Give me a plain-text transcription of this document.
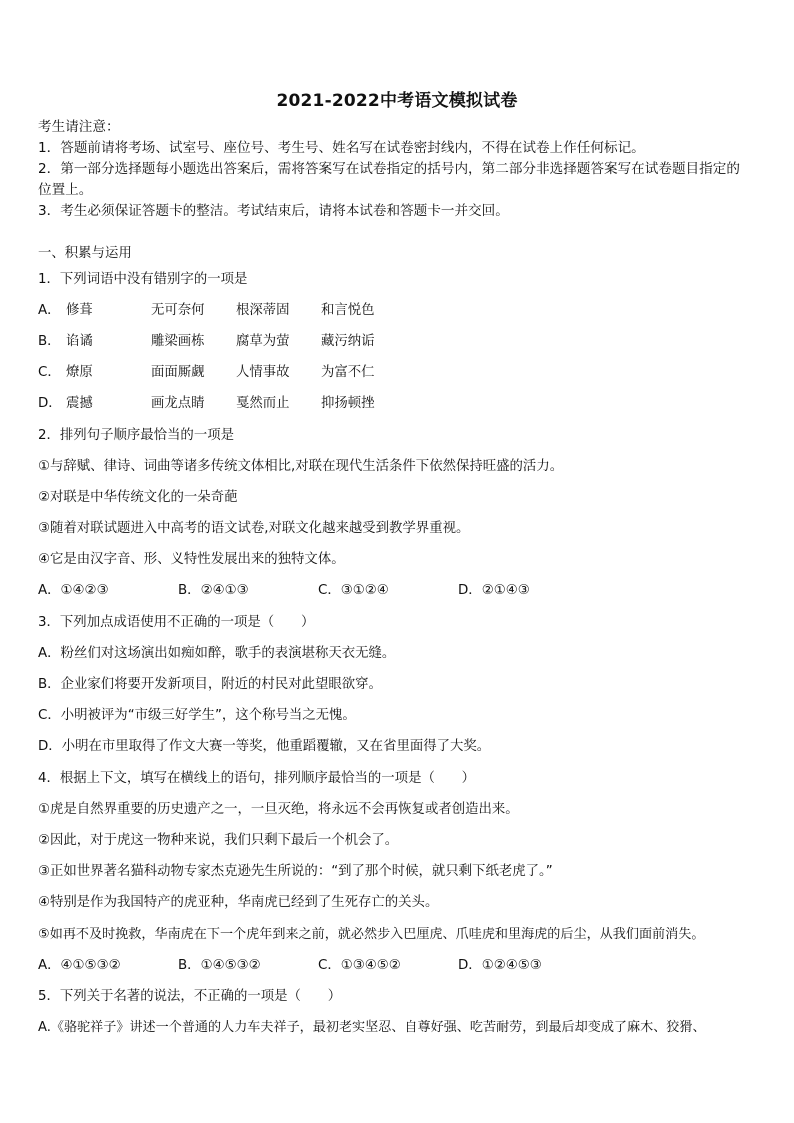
2021-2022中考语文模拟试卷
考生请注意：
1．答题前请将考场、试室号、座位号、考生号、姓名写在试卷密封线内，不得在试卷上作任何标记。
2．第一部分选择题每小题选出答案后，需将答案写在试卷指定的括号内，第二部分非选择题答案写在试卷题目指定的
位置上。
3．考生必须保证答题卡的整洁。考试结束后，请将本试卷和答题卡一并交回。
一、积累与运用
1．下列词语中没有错别字的一项是
A． 修葺	无可奈何 根深蒂固 和言悦色
B． 谄谲	雕梁画栋 腐草为萤 藏污纳诟
C． 燎原	面面厮觑 人情事故 为富不仁
D． 震撼	画龙点睛 戛然而止 抑扬顿挫
2．排列句子顺序最恰当的一项是
①与辞赋、律诗、词曲等诸多传统文体相比,对联在现代生活条件下依然保持旺盛的活力。
②对联是中华传统文化的一朵奇葩
③随着对联试题进入中高考的语文试卷,对联文化越来越受到教学界重视。
④它是由汉字音、形、义特性发展出来的独特文体。
A．①④②③	B．②④①③	C．③①②④	D．②①④③
3．下列加点成语使用不正确的一项是（　　）
A．粉丝们对这场演出如痴如醉，歌手的表演堪称天衣无缝。
B．企业家们将要开发新项目，附近的村民对此望眼欲穿。
C．小明被评为“市级三好学生”，这个称号当之无愧。
D．小明在市里取得了作文大赛一等奖，他重蹈覆辙，又在省里面得了大奖。
4．根据上下文，填写在横线上的语句，排列顺序最恰当的一项是（　　）
①虎是自然界重要的历史遗产之一，一旦灭绝，将永远不会再恢复或者创造出来。
②因此，对于虎这一物种来说，我们只剩下最后一个机会了。
③正如世界著名猫科动物专家杰克逊先生所说的：“到了那个时候，就只剩下纸老虎了。”
④特别是作为我国特产的虎亚种，华南虎已经到了生死存亡的关头。
⑤如再不及时挽救，华南虎在下一个虎年到来之前，就必然步入巴厘虎、爪哇虎和里海虎的后尘，从我们面前消失。
A．④①⑤③②	B．①④⑤③②	C．①③④⑤②	D．①②④⑤③
5．下列关于名著的说法，不正确的一项是（　　）
A.《骆驼祥子》讲述一个普通的人力车夫祥子，最初老实坚忍、自尊好强、吃苦耐劳，到最后却变成了麻木、狡猾、
